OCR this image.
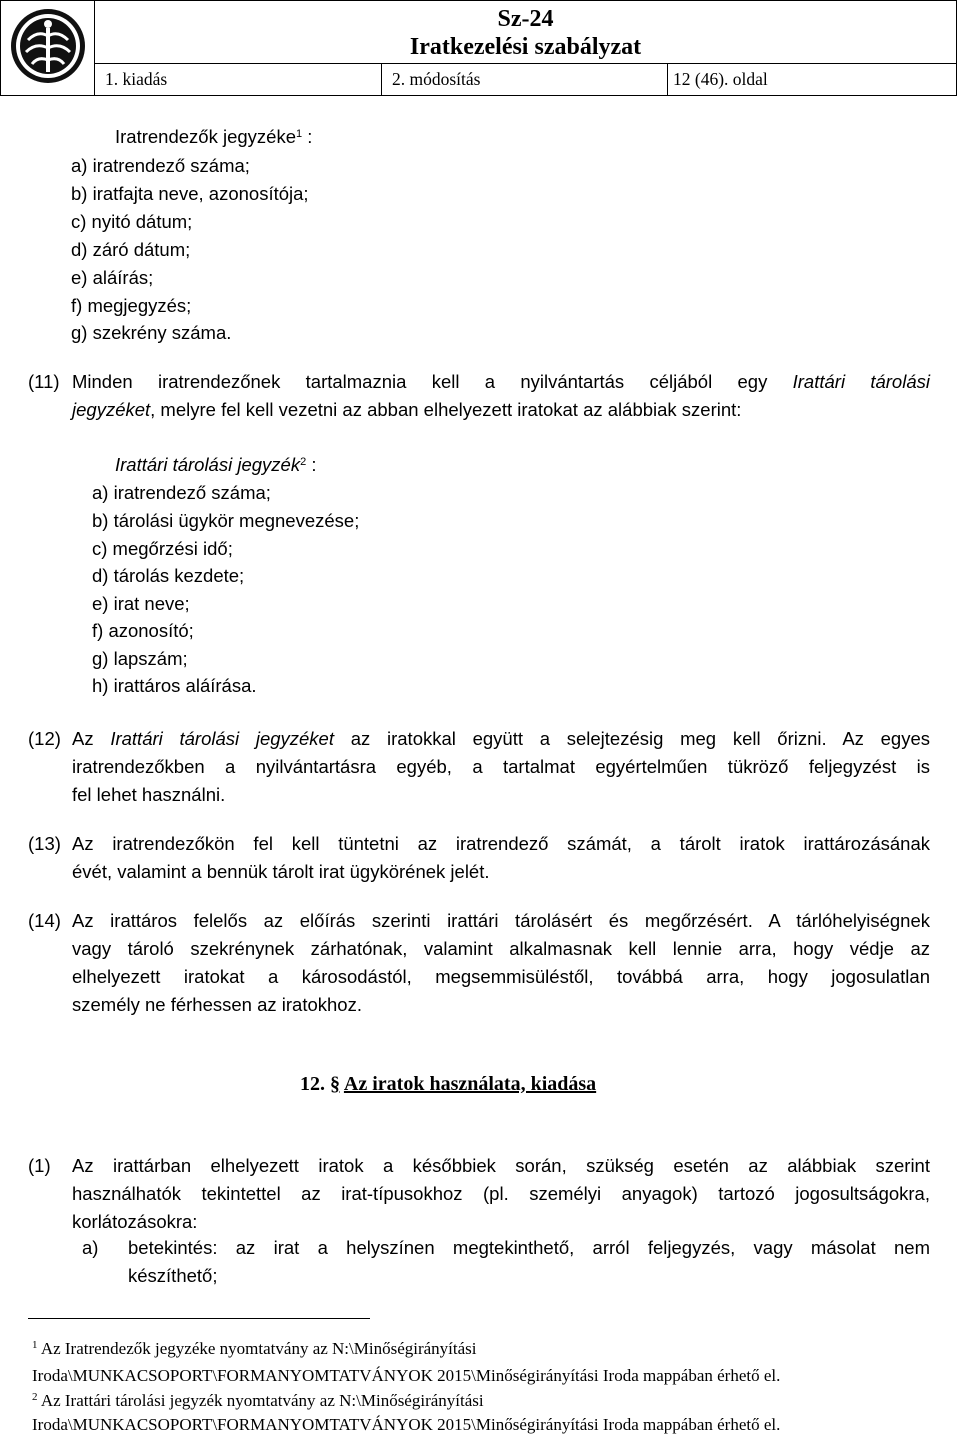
Sz-24
Iratkezelési szabályzat		

	1. kiadás	2. módosítás	12 (46). oldal
Iratrendezők jegyzéke$^1$ :
a) iratrendező száma;
b) iratfajta neve, azonosítója;
c) nyitó dátum;
d) záró dátum;
e) aláírás;
f) megjegyzés;
g) szekrény száma.
(11) Minden iratrendezőnek tartalmaznia kell a nyilvántartás céljából egy Irattári tárolási
jegyzéket, melyre fel kell vezetni az abban elhelyezett iratokat az alábbiak szerint:
Irattári tárolási jegyzék$^2$ :
a) iratrendező száma;
b) tárolási ügykör megnevezése;
c) megőrzési idő;
d) tárolás kezdete;
e) irat neve;
f) azonosító;
g) lapszám;
h) irattáros aláírása.
(12) Az Irattári tárolási jegyzéket az iratokkal együtt a selejtezésig meg kell őrizni. Az egyes
iratrendezőkben a nyilvántartásra egyéb, a tartalmat egyértelműen tükröző feljegyzést is
fel lehet használni.
(13) Az iratrendezőkön fel kell tüntetni az iratrendező számát, a tárolt iratok irattározásának
évét, valamint a bennük tárolt irat ügykörének jelét.
(14) Az irattáros felelős az előírás szerinti irattári tárolásért és megőrzésért. A tárlóhelyiségnek
vagy tároló szekrénynek zárhatónak, valamint alkalmasnak kell lennie arra, hogy védje az
elhelyezett iratokat a károsodástól, megsemmisüléstől, továbbá arra, hogy jogosulatlan
személy ne férhessen az iratokhoz.
12. § Az iratok használata, kiadása
(1) Az irattárban elhelyezett iratok a későbbiek során, szükség esetén az alábbiak szerint
használhatók tekintettel az irat-típusokhoz (pl. személyi anyagok) tartozó jogosultságokra,
korlátozásokra:
a) betekintés: az irat a helyszínen megtekinthető, arról feljegyzés, vagy másolat nem
készíthető;
$^1$ Az Iratrendezők jegyzéke nyomtatvány az N:\Minőségirányítási
Iroda\MUNKACSOPORT\FORMANYOMTATVÁNYOK 2015\Minőségirányítási Iroda mappában érhető el.
$^2$ Az Irattári tárolási jegyzék nyomtatvány az N:\Minőségirányítási
Iroda\MUNKACSOPORT\FORMANYOMTATVÁNYOK 2015\Minőségirányítási Iroda mappában érhető el.
